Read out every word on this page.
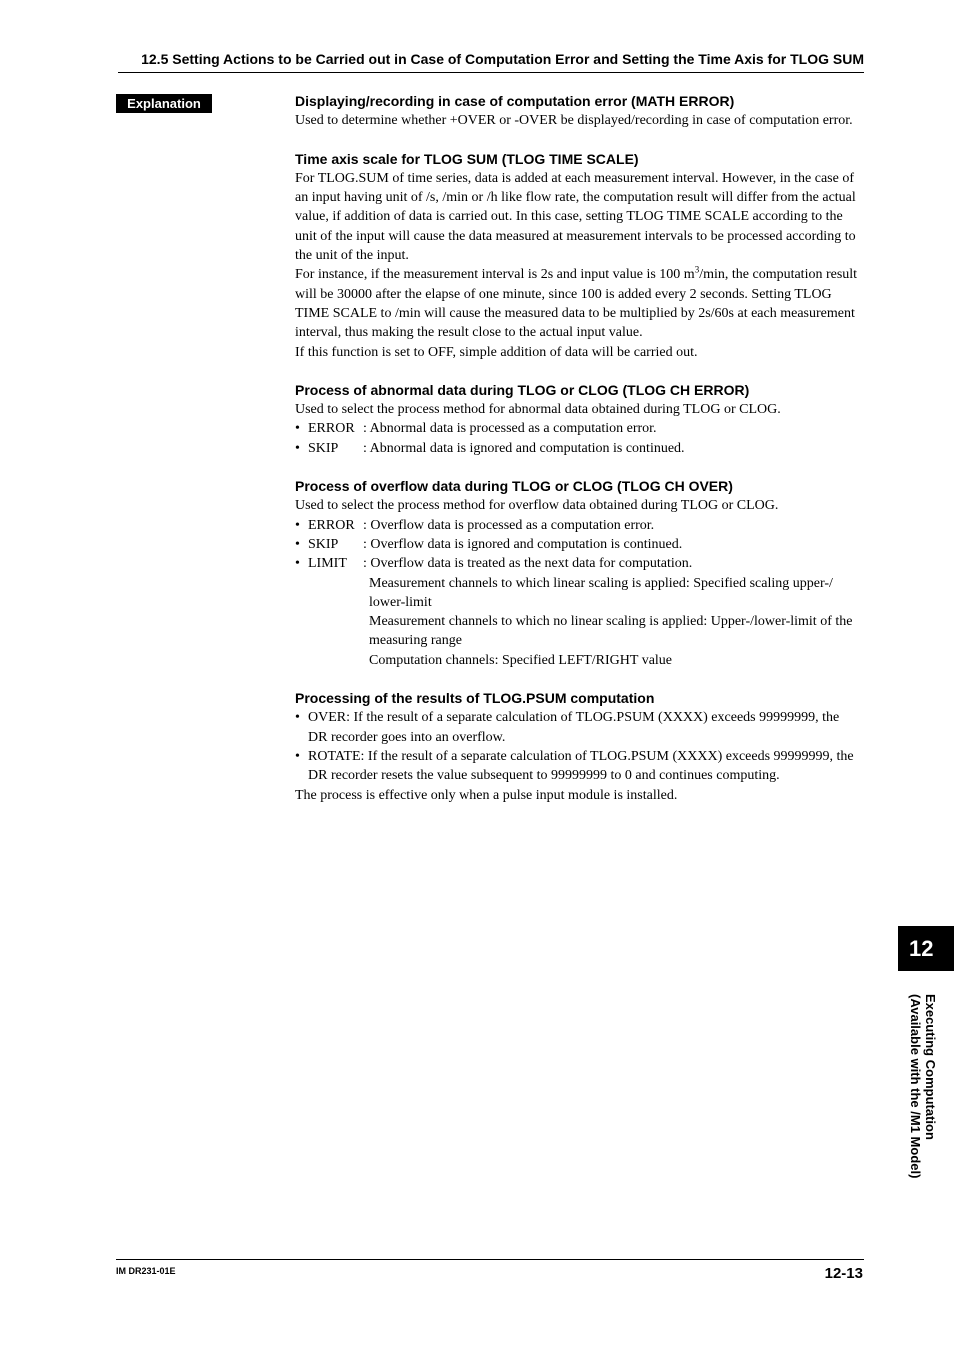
12.5 Setting Actions to be Carried out in Case of Computation Error and Setting the Time Axis for TLOG SUM
Explanation	Displaying/recording in case of computation error (MATH ERROR)

Used to determine whether +OVER or -OVER be displayed/recording in case of computation error.

Time axis scale for TLOG SUM (TLOG TIME SCALE)

For TLOG.SUM of time series, data is added at each measurement interval. However, in the case of an input having unit of /s, /min or /h like flow rate, the computation result will differ from the actual value, if addition of data is carried out. In this case, setting TLOG TIME SCALE according to the unit of the input will cause the data measured at measurement intervals to be processed according to the unit of the input.

For instance, if the measurement interval is 2s and input value is 100 $m^3/\min$, the computation result will be 30000 after the elapse of one minute, since 100 is added every 2 seconds. Setting TLOG TIME SCALE to /min will cause the measured data to be multiplied by 2s/60s at each measurement interval, thus making the result close to the actual input value.

If this function is set to OFF, simple addition of data will be carried out.

Process of abnormal data during TLOG or CLOG (TLOG CH ERROR)

Used to select the process method for abnormal data obtained during TLOG or CLOG.

• ERROR : Abnormal data is processed as a computation error.
• SKIP	: Abnormal data is ignored and computation is continued.
Process of overflow data during TLOG or CLOG (TLOG CH OVER)

Used to select the process method for overflow data obtained during TLOG or CLOG.

• ERROR : Overflow data is processed as a computation error.
• SKIP	: Overflow data is ignored and computation is continued.
• LIMIT	: Overflow data is treated as the next data for computation.
Measurement channels to which linear scaling is applied: Specified scaling upper-/ lower-limit
Measurement channels to which no linear scaling is applied: Upper-/lower-limit of the measuring range
Computation channels: Specified LEFT/RIGHT value
Processing of the results of TLOG.PSUM computation
• OVER: If the result of a separate calculation of TLOG.PSUM (XXXX) exceeds 99999999, the DR recorder goes into an overflow.
• ROTATE: If the result of a separate calculation of TLOG.PSUM (XXXX) exceeds 99999999, the DR recorder resets the value subsequent to 99999999 to 0 and continues computing.

The process is effective only when a pulse input module is installed.

12
Executing Computation
(Available with the /M1 Model)
IM DR231-01E	12-13
